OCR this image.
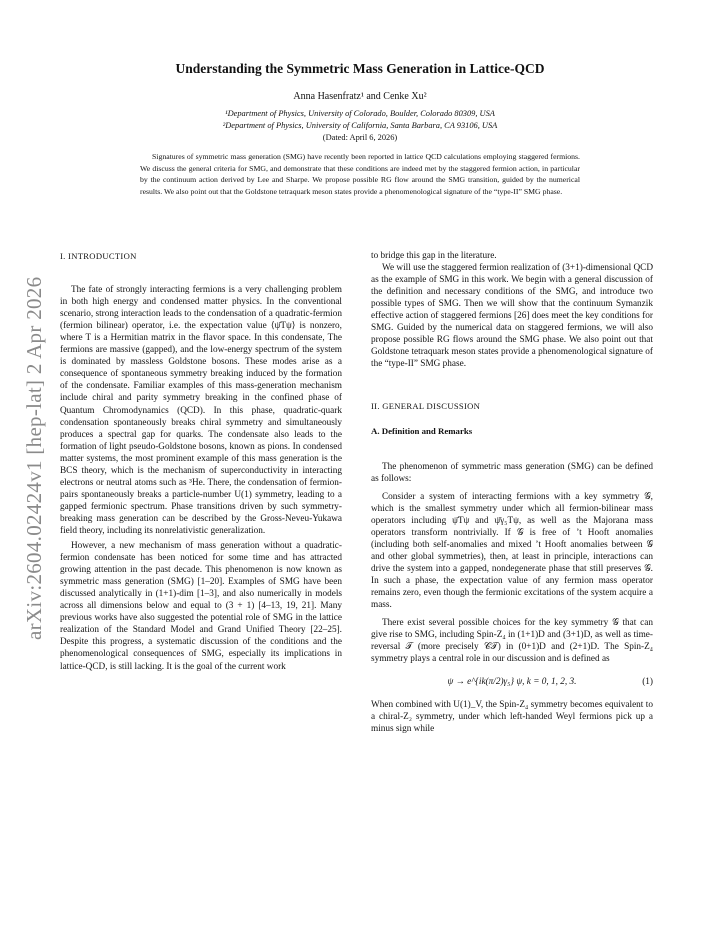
arXiv:2604.02424v1 [hep-lat] 2 Apr 2026
Understanding the Symmetric Mass Generation in Lattice-QCD
Anna Hasenfratz¹ and Cenke Xu²
¹Department of Physics, University of Colorado, Boulder, Colorado 80309, USA
²Department of Physics, University of California, Santa Barbara, CA 93106, USA
(Dated: April 6, 2026)

Signatures of symmetric mass generation (SMG) have recently been reported in lattice QCD calculations employing staggered fermions. We discuss the general criteria for SMG, and demonstrate that these conditions are indeed met by the staggered fermion action, in particular by the continuum action derived by Lee and Sharpe. We propose possible RG flow around the SMG transition, guided by the numerical results. We also point out that the Goldstone tetraquark meson states provide a phenomenological signature of the “type-II” SMG phase.

I. INTRODUCTION

The fate of strongly interacting fermions is a very challenging problem in both high energy and condensed matter physics. In the conventional scenario, strong interaction leads to the condensation of a quadratic-fermion (fermion bilinear) operator, i.e. the expectation value ⟨ψ̄Tψ⟩ is nonzero, where T is a Hermitian matrix in the flavor space. In this condensate, The fermions are massive (gapped), and the low-energy spectrum of the system is dominated by massless Goldstone bosons. These modes arise as a consequence of spontaneous symmetry breaking induced by the formation of the condensate. Familiar examples of this mass-generation mechanism include chiral and parity symmetry breaking in the confined phase of Quantum Chromodynamics (QCD). In this phase, quadratic-quark condensation spontaneously breaks chiral symmetry and simultaneously produces a spectral gap for quarks. The condensate also leads to the formation of light pseudo-Goldstone bosons, known as pions. In condensed matter systems, the most prominent example of this mass generation is the BCS theory, which is the mechanism of superconductivity in interacting electrons or neutral atoms such as ³He. There, the condensation of fermion-pairs spontaneously breaks a particle-number U(1) symmetry, leading to a gapped fermionic spectrum. Phase transitions driven by such symmetry-breaking mass generation can be described by the Gross-Neveu-Yukawa field theory, including its nonrelativistic generalization.

However, a new mechanism of mass generation without a quadratic-fermion condensate has been noticed for some time and has attracted growing attention in the past decade. This phenomenon is now known as symmetric mass generation (SMG) [1–20]. Examples of SMG have been discussed analytically in (1+1)-dim [1–3], and also numerically in models across all dimensions below and equal to (3 + 1) [4–13, 19, 21]. Many previous works have also suggested the potential role of SMG in the lattice realization of the Standard Model and Grand Unified Theory [22–25]. Despite this progress, a systematic discussion of the conditions and the phenomenological consequences of SMG, especially its implications in lattice-QCD, is still lacking. It is the goal of the current work

to bridge this gap in the literature.

We will use the staggered fermion realization of (3+1)-dimensional QCD as the example of SMG in this work. We begin with a general discussion of the definition and necessary conditions of the SMG, and introduce two possible types of SMG. Then we will show that the continuum Symanzik effective action of staggered fermions [26] does meet the key conditions for SMG. Guided by the numerical data on staggered fermions, we will also propose possible RG flows around the SMG phase. We also point out that Goldstone tetraquark meson states provide a phenomenological signature of the “type-II” SMG phase.

II. GENERAL DISCUSSION

A. Definition and Remarks

The phenomenon of symmetric mass generation (SMG) can be defined as follows:

Consider a system of interacting fermions with a key symmetry 𝒢, which is the smallest symmetry under which all fermion-bilinear mass operators including ψ̄Tψ and ψ̄γ₅Tψ, as well as the Majorana mass operators transform nontrivially. If 𝒢 is free of ’t Hooft anomalies (including both self-anomalies and mixed ’t Hooft anomalies between 𝒢 and other global symmetries), then, at least in principle, interactions can drive the system into a gapped, nondegenerate phase that still preserves 𝒢. In such a phase, the expectation value of any fermion mass operator remains zero, even though the fermionic excitations of the system acquire a mass.

There exist several possible choices for the key symmetry 𝒢 that can give rise to SMG, including Spin-Z₄ in (1+1)D and (3+1)D, as well as time-reversal 𝒯 (more precisely 𝒞𝒯) in (0+1)D and (2+1)D. The Spin-Z₄ symmetry plays a central role in our discussion and is defined as

ψ → e^{ik(π/2)γ₅} ψ, k = 0, 1, 2, 3.	(1)

When combined with U(1)_V, the Spin-Z₄ symmetry becomes equivalent to a chiral-Z₂ symmetry, under which left-handed Weyl fermions pick up a minus sign while
